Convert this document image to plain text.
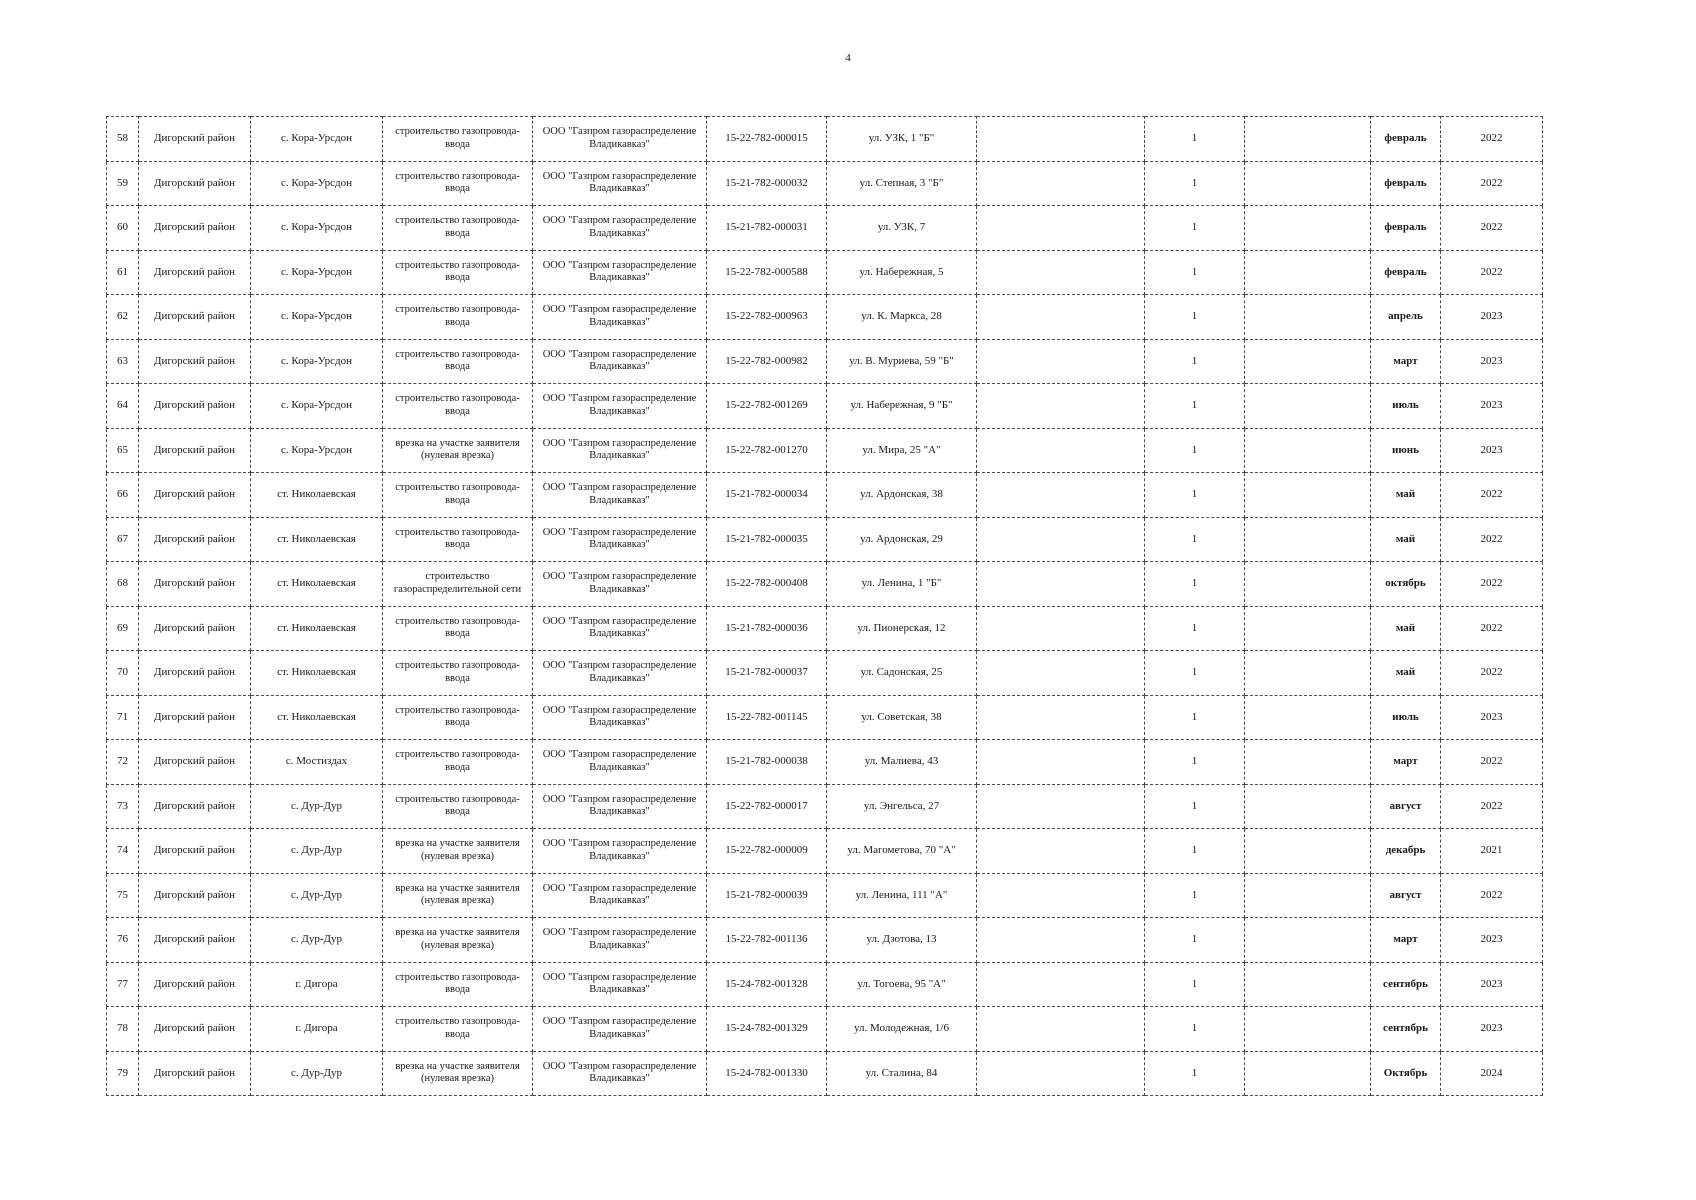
4
58	Дигорский район	с. Кора-Урсдон	строительство газопровода-ввода	ООО "Газпром газораспределение Владикавказ"	15-22-782-000015	ул. УЗК, 1 "Б"		1		февраль	2022
59	Дигорский район	с. Кора-Урсдон	строительство газопровода-ввода	ООО "Газпром газораспределение Владикавказ"	15-21-782-000032	ул. Степная, 3 "Б"		1		февраль	2022
60	Дигорский район	с. Кора-Урсдон	строительство газопровода-ввода	ООО "Газпром газораспределение Владикавказ"	15-21-782-000031	ул. УЗК, 7		1		февраль	2022
61	Дигорский район	с. Кора-Урсдон	строительство газопровода-ввода	ООО "Газпром газораспределение Владикавказ"	15-22-782-000588	ул. Набережная, 5		1		февраль	2022
62	Дигорский район	с. Кора-Урсдон	строительство газопровода-ввода	ООО "Газпром газораспределение Владикавказ"	15-22-782-000963	ул. К. Маркса, 28		1		апрель	2023
63	Дигорский район	с. Кора-Урсдон	строительство газопровода-ввода	ООО "Газпром газораспределение Владикавказ"	15-22-782-000982	ул. В. Муриева, 59 "Б"		1		март	2023
64	Дигорский район	с. Кора-Урсдон	строительство газопровода-ввода	ООО "Газпром газораспределение Владикавказ"	15-22-782-001269	ул. Набережная, 9 "Б"		1		июль	2023
65	Дигорский район	с. Кора-Урсдон	врезка на участке заявителя (нулевая врезка)	ООО "Газпром газораспределение Владикавказ"	15-22-782-001270	ул. Мира, 25 "А"		1		июнь	2023
66	Дигорский район	ст. Николаевская	строительство газопровода-ввода	ООО "Газпром газораспределение Владикавказ"	15-21-782-000034	ул. Ардонская, 38		1		май	2022
67	Дигорский район	ст. Николаевская	строительство газопровода-ввода	ООО "Газпром газораспределение Владикавказ"	15-21-782-000035	ул. Ардонская, 29		1		май	2022
68	Дигорский район	ст. Николаевская	строительство газораспределительной сети	ООО "Газпром газораспределение Владикавказ"	15-22-782-000408	ул. Ленина, 1 "Б"		1		октябрь	2022
69	Дигорский район	ст. Николаевская	строительство газопровода-ввода	ООО "Газпром газораспределение Владикавказ"	15-21-782-000036	ул. Пионерская, 12		1		май	2022
70	Дигорский район	ст. Николаевская	строительство газопровода-ввода	ООО "Газпром газораспределение Владикавказ"	15-21-782-000037	ул. Садонская, 25		1		май	2022
71	Дигорский район	ст. Николаевская	строительство газопровода-ввода	ООО "Газпром газораспределение Владикавказ"	15-22-782-001145	ул. Советская, 38		1		июль	2023
72	Дигорский район	с. Мостиздах	строительство газопровода-ввода	ООО "Газпром газораспределение Владикавказ"	15-21-782-000038	ул. Малиева, 43		1		март	2022
73	Дигорский район	с. Дур-Дур	строительство газопровода-ввода	ООО "Газпром газораспределение Владикавказ"	15-22-782-000017	ул. Энгельса, 27		1		август	2022
74	Дигорский район	с. Дур-Дур	врезка на участке заявителя (нулевая врезка)	ООО "Газпром газораспределение Владикавказ"	15-22-782-000009	ул. Магометова, 70 "А"		1		декабрь	2021
75	Дигорский район	с. Дур-Дур	врезка на участке заявителя (нулевая врезка)	ООО "Газпром газораспределение Владикавказ"	15-21-782-000039	ул. Ленина, 111 "А"		1		август	2022
76	Дигорский район	с. Дур-Дур	врезка на участке заявителя (нулевая врезка)	ООО "Газпром газораспределение Владикавказ"	15-22-782-001136	ул. Дзотова, 13		1		март	2023
77	Дигорский район	г. Дигора	строительство газопровода-ввода	ООО "Газпром газораспределение Владикавказ"	15-24-782-001328	ул. Тогоева, 95 "А"		1		сентябрь	2023
78	Дигорский район	г. Дигора	строительство газопровода-ввода	ООО "Газпром газораспределение Владикавказ"	15-24-782-001329	ул. Молодежная, 1/6		1		сентябрь	2023
79	Дигорский район	с. Дур-Дур	врезка на участке заявителя (нулевая врезка)	ООО "Газпром газораспределение Владикавказ"	15-24-782-001330	ул. Сталина, 84		1		Октябрь	2024
